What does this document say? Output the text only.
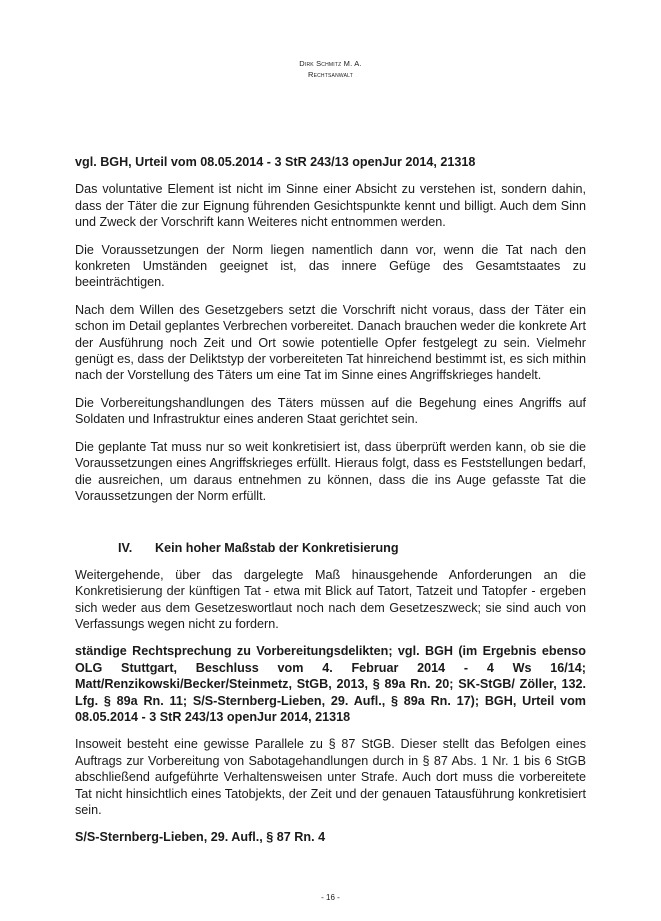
Dirk Schmitz M. A.
Rechtsanwalt

vgl. BGH, Urteil vom 08.05.2014 - 3 StR 243/13 openJur 2014, 21318

Das voluntative Element ist nicht im Sinne einer Absicht zu verstehen ist, sondern dahin, dass der Täter die zur Eignung führenden Gesichtspunkte kennt und billigt. Auch dem Sinn und Zweck der Vorschrift kann Weiteres nicht entnommen werden.

Die Voraussetzungen der Norm liegen namentlich dann vor, wenn die Tat nach den konkreten Umständen geeignet ist, das innere Gefüge des Gesamtstaates zu beeinträchtigen.

Nach dem Willen des Gesetzgebers setzt die Vorschrift nicht voraus, dass der Täter ein schon im Detail geplantes Verbrechen vorbereitet. Danach brauchen weder die konkrete Art der Ausführung noch Zeit und Ort sowie potentielle Opfer festgelegt zu sein. Vielmehr genügt es, dass der Deliktstyp der vorbereiteten Tat hinreichend bestimmt ist, es sich mithin nach der Vorstellung des Täters um eine Tat im Sinne eines Angriffskrieges handelt.

Die Vorbereitungshandlungen des Täters müssen auf die Begehung eines Angriffs auf Soldaten und Infrastruktur eines anderen Staat gerichtet sein.

Die geplante Tat muss nur so weit konkretisiert ist, dass überprüft werden kann, ob sie die Voraussetzungen eines Angriffskrieges erfüllt. Hieraus folgt, dass es Feststellungen bedarf, die ausreichen, um daraus entnehmen zu können, dass die ins Auge gefasste Tat die Voraussetzungen der Norm erfüllt.

IV. Kein hoher Maßstab der Konkretisierung

Weitergehende, über das dargelegte Maß hinausgehende Anforderungen an die Konkretisierung der künftigen Tat - etwa mit Blick auf Tatort, Tatzeit und Tatopfer - ergeben sich weder aus dem Gesetzeswortlaut noch nach dem Gesetzeszweck; sie sind auch von Verfassungs wegen nicht zu fordern.

ständige Rechtsprechung zu Vorbereitungsdelikten; vgl. BGH (im Ergebnis ebenso OLG Stuttgart, Beschluss vom 4. Februar 2014 - 4 Ws 16/14; Matt/Renzikowski/Becker/Steinmetz, StGB, 2013, § 89a Rn. 20; SK-StGB/ Zöller, 132. Lfg. § 89a Rn. 11; S/S-Sternberg-Lieben, 29. Aufl., § 89a Rn. 17); BGH, Urteil vom 08.05.2014 - 3 StR 243/13 openJur 2014, 21318

Insoweit besteht eine gewisse Parallele zu § 87 StGB. Dieser stellt das Befolgen eines Auftrags zur Vorbereitung von Sabotagehandlungen durch in § 87 Abs. 1 Nr. 1 bis 6 StGB abschließend aufgeführte Verhaltensweisen unter Strafe. Auch dort muss die vorbereitete Tat nicht hinsichtlich eines Tatobjekts, der Zeit und der genauen Tatausführung konkretisiert sein.

S/S-Sternberg-Lieben, 29. Aufl., § 87 Rn. 4

- 16 -
